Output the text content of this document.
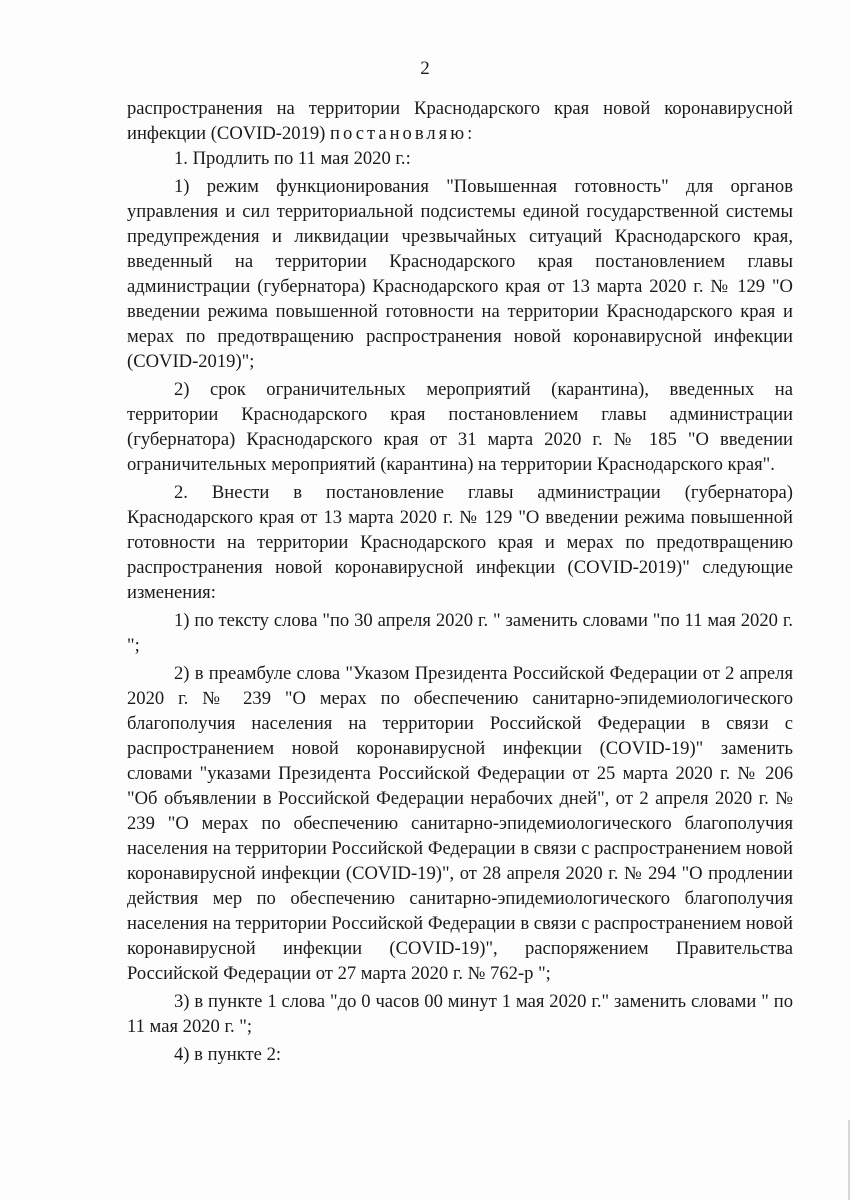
2

распространения на территории Краснодарского края новой коронавирусной инфекции (COVID-2019) постановляю:

1. Продлить по 11 мая 2020 г.:

1) режим функционирования "Повышенная готовность" для органов управления и сил территориальной подсистемы единой государственной системы предупреждения и ликвидации чрезвычайных ситуаций Краснодарского края, введенный на территории Краснодарского края постановлением главы администрации (губернатора) Краснодарского края от 13 марта 2020 г. № 129 "О введении режима повышенной готовности на территории Краснодарского края и мерах по предотвращению распространения новой коронавирусной инфекции (COVID-2019)";

2) срок ограничительных мероприятий (карантина), введенных на территории Краснодарского края постановлением главы администрации (губернатора) Краснодарского края от 31 марта 2020 г. № 185 "О введении ограничительных мероприятий (карантина) на территории Краснодарского края".

2. Внести в постановление главы администрации (губернатора) Краснодарского края от 13 марта 2020 г. № 129 "О введении режима повышенной готовности на территории Краснодарского края и мерах по предотвращению распространения новой коронавирусной инфекции (COVID-2019)" следующие изменения:

1) по тексту слова "по 30 апреля 2020 г. " заменить словами "по 11 мая 2020 г. ";

2) в преамбуле слова "Указом Президента Российской Федерации от 2 апреля 2020 г. № 239 "О мерах по обеспечению санитарно-эпидемиологического благополучия населения на территории Российской Федерации в связи с распространением новой коронавирусной инфекции (COVID-19)" заменить словами "указами Президента Российской Федерации от 25 марта 2020 г. № 206 "Об объявлении в Российской Федерации нерабочих дней", от 2 апреля 2020 г. № 239 "О мерах по обеспечению санитарно-эпидемиологического благополучия населения на территории Российской Федерации в связи с распространением новой коронавирусной инфекции (COVID-19)", от 28 апреля 2020 г. № 294 "О продлении действия мер по обеспечению санитарно-эпидемиологического благополучия населения на территории Российской Федерации в связи с распространением новой коронавирусной инфекции (COVID-19)", распоряжением Правительства Российской Федерации от 27 марта 2020 г. № 762-р ";

3) в пункте 1 слова "до 0 часов 00 минут 1 мая 2020 г." заменить словами " по 11 мая 2020 г. ";

4) в пункте 2:
